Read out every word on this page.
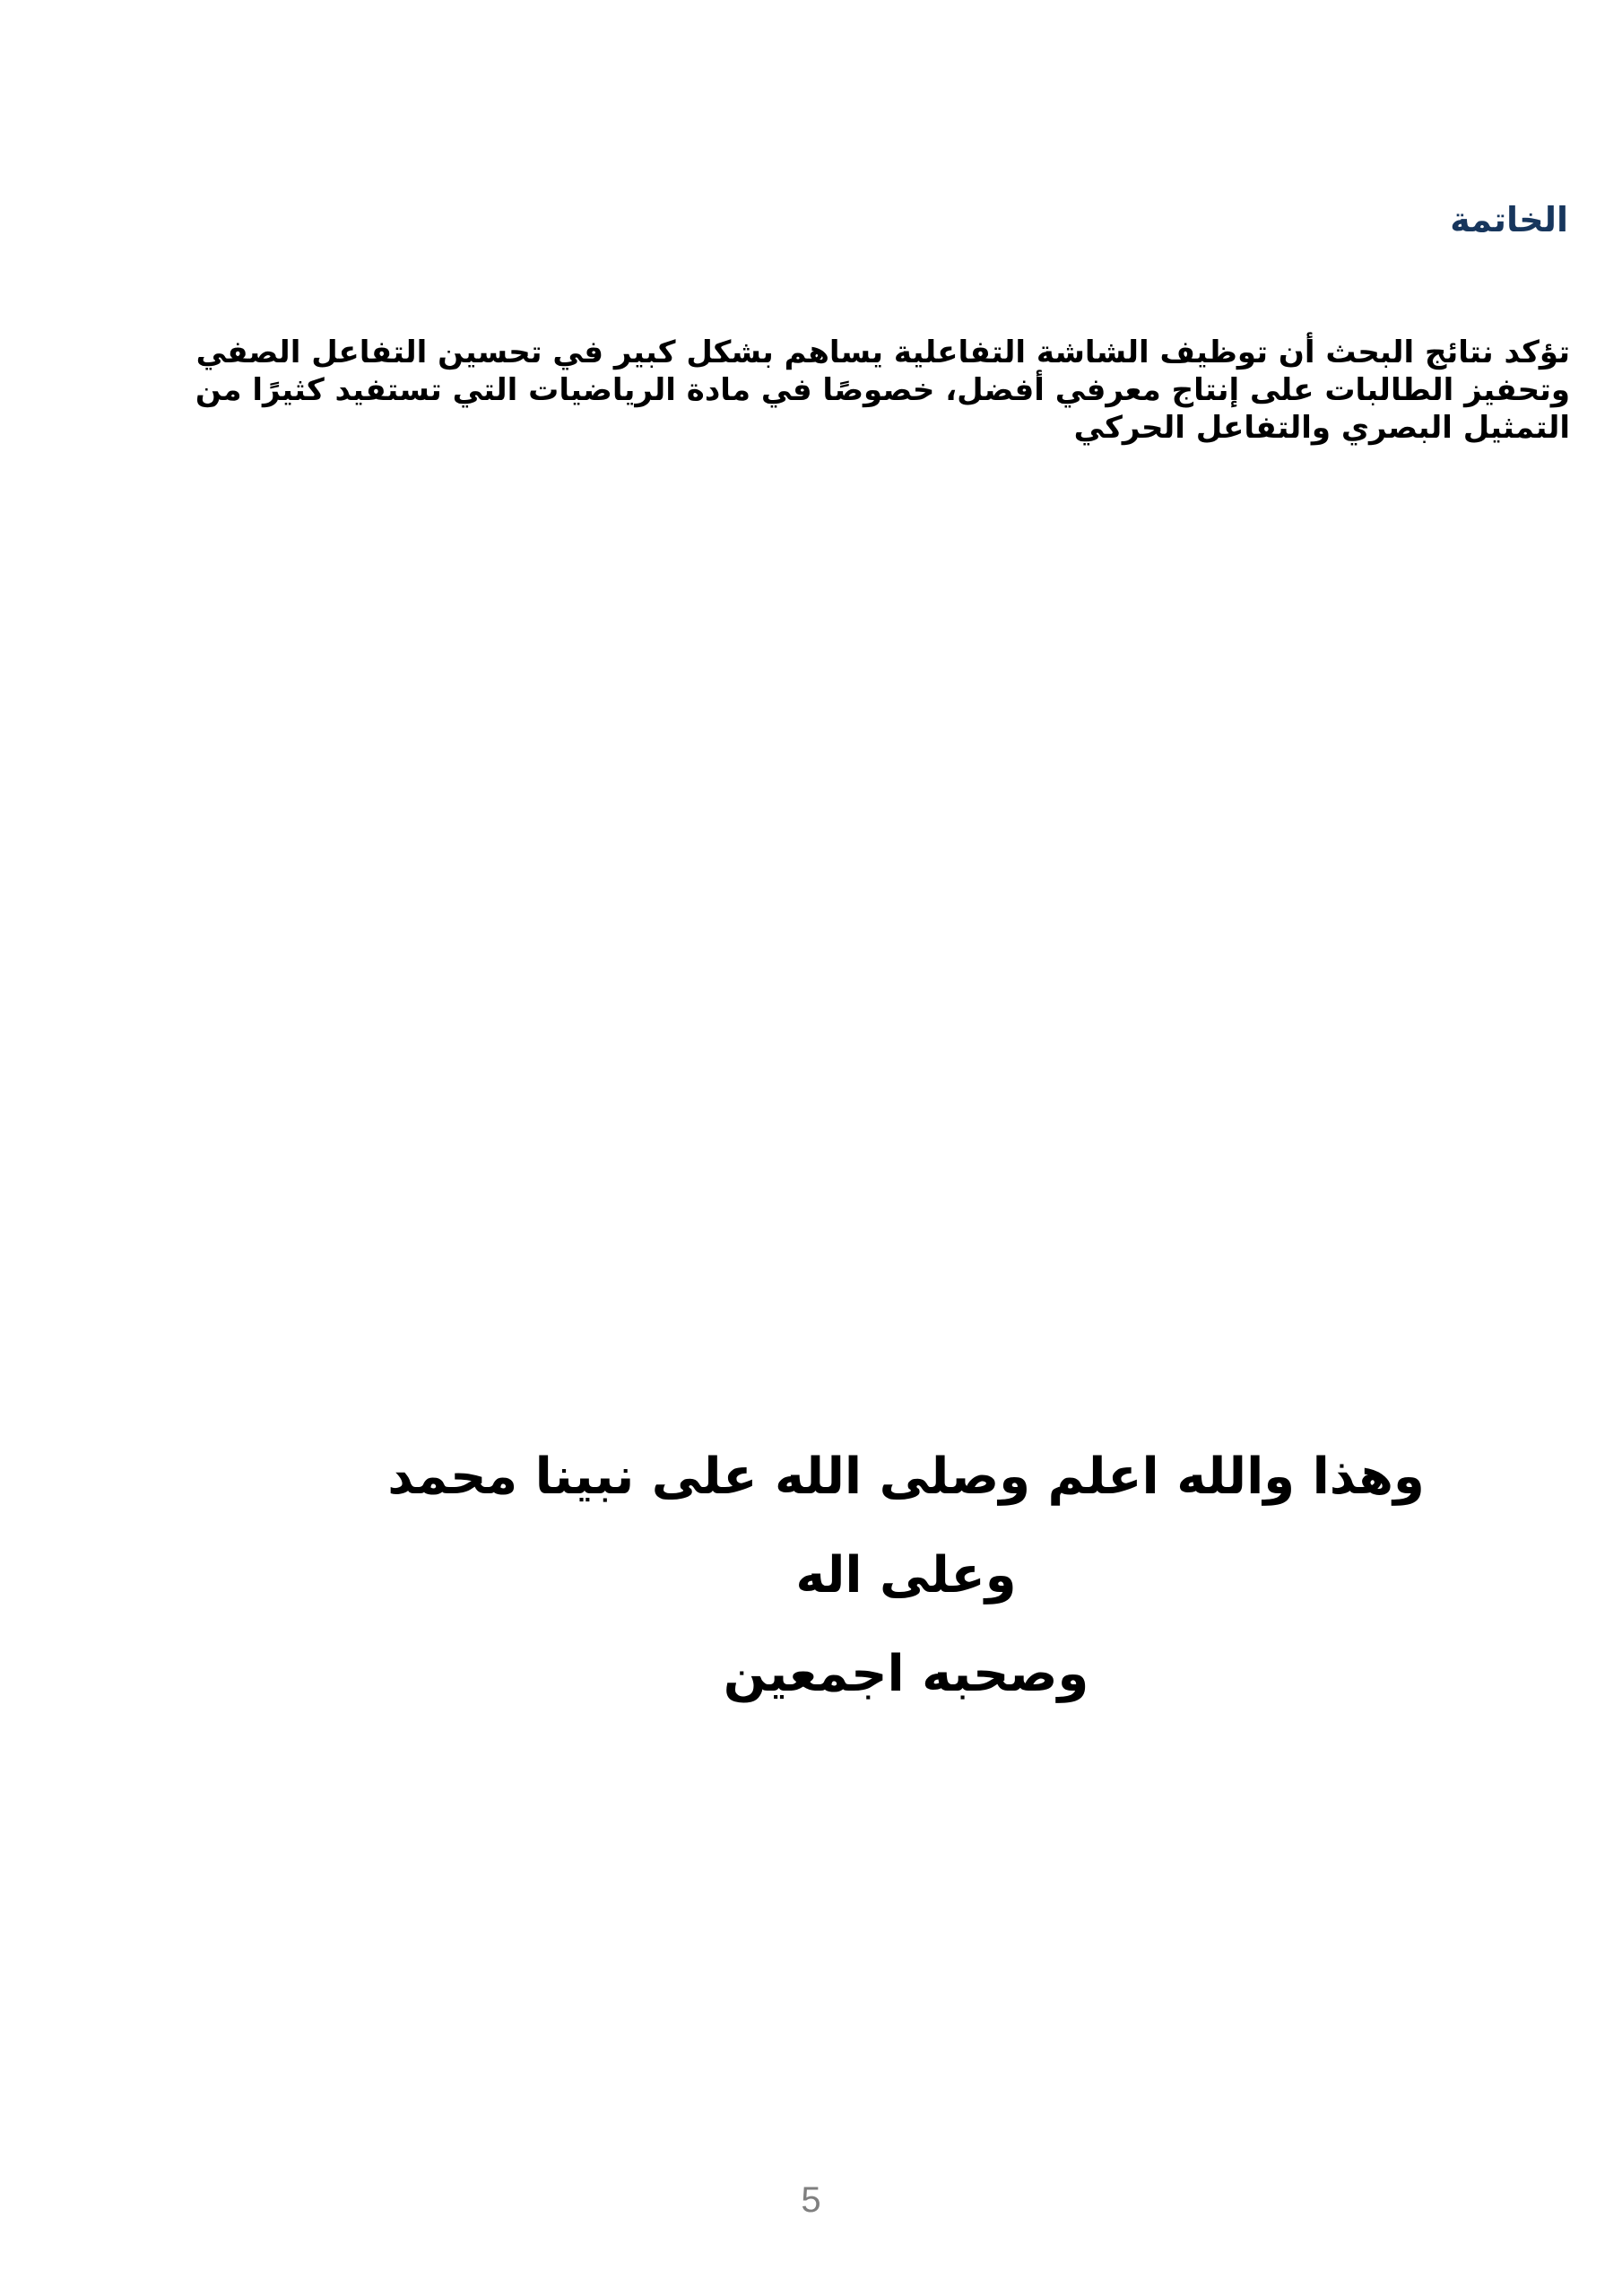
الخاتمة

تؤكد نتائج البحث أن توظيف الشاشة التفاعلية يساهم بشكل كبير في تحسين التفاعل الصفي وتحفيز الطالبات على إنتاج معرفي أفضل، خصوصًا في مادة الرياضيات التي تستفيد كثيرًا من التمثيل البصري والتفاعل الحركي

وهذا والله اعلم وصلى الله على نبينا محمد وعلى اله
وصحبه اجمعين
5
